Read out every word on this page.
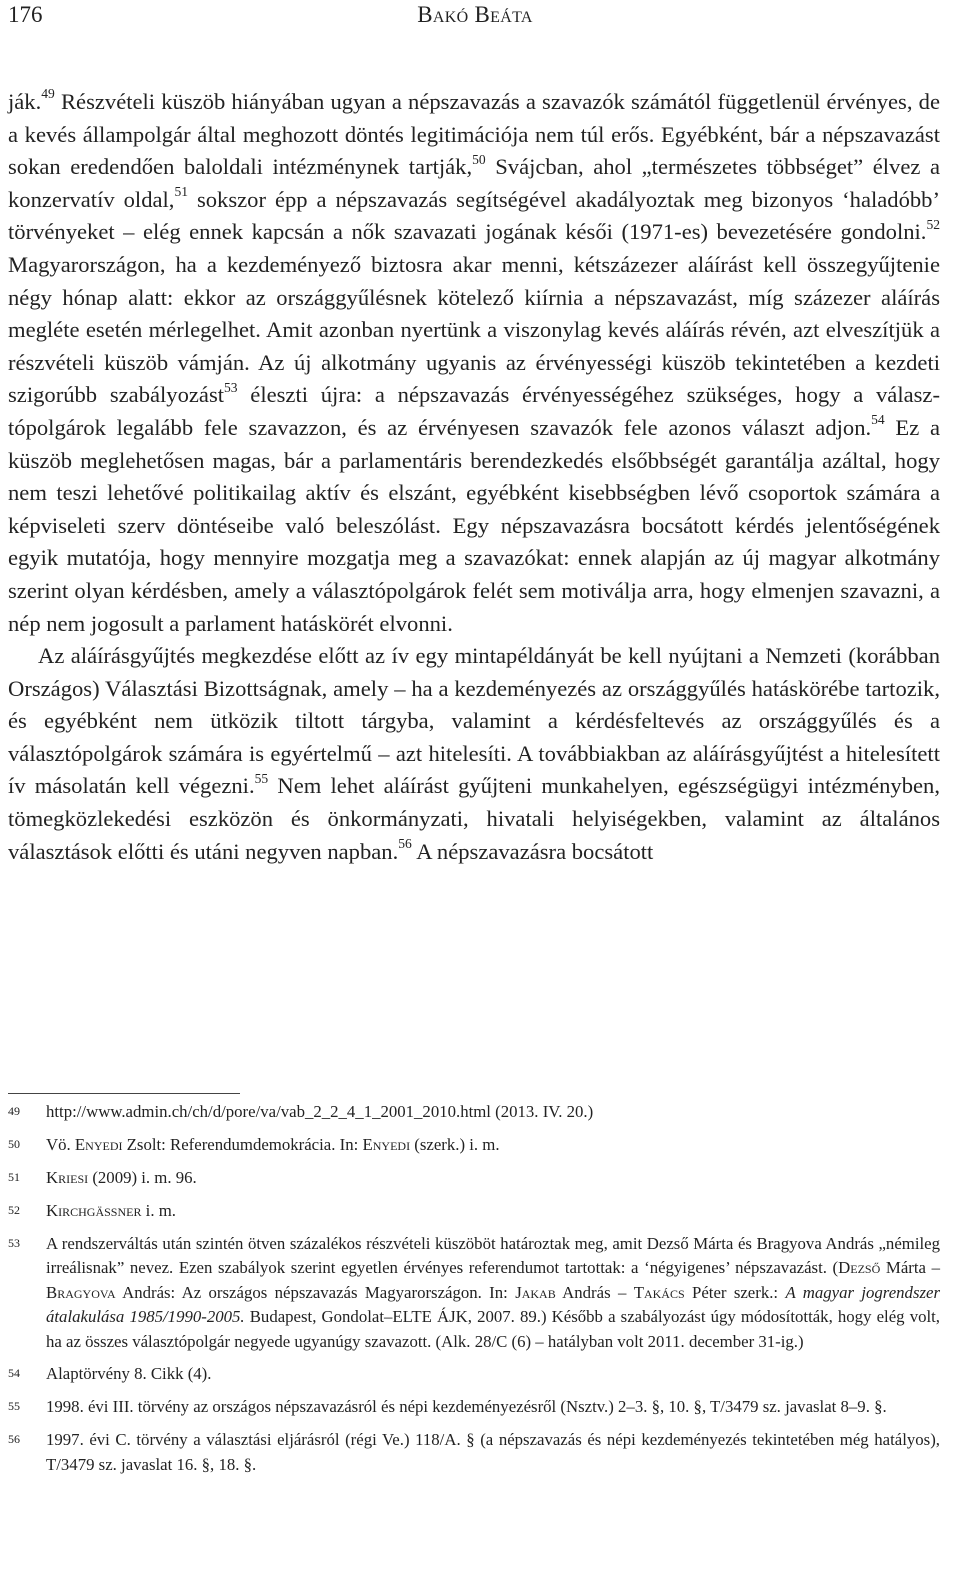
176	Bakó Beáta

ják.$^{49}$ Részvételi küszöb hiányában ugyan a népszavazás a szavazók számától függetlenül érvényes, de a kevés állampolgár által meghozott döntés legitimációja nem túl erős. Egyébként, bár a népszavazást sokan eredendően baloldali intézménynek tartják,$^{50}$ Svájcban, ahol „természetes többséget” élvez a konzervatív oldal,$^{51}$ sokszor épp a népszavazás segítségével akadályoztak meg bizonyos ‘haladóbb’ törvényeket – elég ennek kapcsán a nők szavazati jogának késői (1971-es) bevezetésére gondolni.$^{52}$ Magyarországon, ha a kezdeményező biztosra akar menni, kétszázezer aláírást kell összegyűjtenie négy hónap alatt: ekkor az országgyűlésnek kötelező kiírnia a népszavazást, míg százezer aláírás megléte esetén mérlegelhet. Amit azonban nyertünk a viszonylag kevés aláírás révén, azt elveszítjük a részvételi küszöb vámján. Az új alkotmány ugyanis az érvényességi küszöb tekintetében a kezdeti szigorúbb szabályozást$^{53}$ éleszti újra: a népszavazás érvényességéhez szükséges, hogy a választópolgárok legalább fele szavazzon, és az érvényesen szavazók fele azonos választ adjon.$^{54}$ Ez a küszöb meglehetősen magas, bár a parlamentáris berendezkedés elsőbbségét garantálja azáltal, hogy nem teszi lehetővé politikailag aktív és elszánt, egyébként kisebbségben lévő csoportok számára a képviseleti szerv döntéseibe való beleszólást. Egy népszavazásra bocsátott kérdés jelentőségének egyik mutatója, hogy mennyire mozgatja meg a szavazókat: ennek alapján az új magyar alkotmány szerint olyan kérdésben, amely a választópolgárok felét sem motiválja arra, hogy elmenjen szavazni, a nép nem jogosult a parlament hatáskörét elvonni.

Az aláírásgyűjtés megkezdése előtt az ív egy mintapéldányát be kell nyújtani a Nemzeti (korábban Országos) Választási Bizottságnak, amely – ha a kezdeményezés az országgyűlés hatáskörébe tartozik, és egyébként nem ütközik tiltott tárgyba, valamint a kérdésfeltevés az országgyűlés és a választópolgárok számára is egyértelmű – azt hitelesíti. A továbbiakban az aláírásgyűjtést a hitelesített ív másolatán kell végezni.$^{55}$ Nem lehet aláírást gyűjteni munkahelyen, egészségügyi intézményben, tömegközlekedési eszközön és önkormányzati, hivatali helyiségekben, valamint az általános választások előtti és utáni negyven napban.$^{56}$ A népszavazásra bocsátott

49	http://www.admin.ch/ch/d/pore/va/vab_2_2_4_1_2001_2010.html (2013. IV. 20.)
50	Vö. Enyedi Zsolt: Referendumdemokrácia. In: Enyedi (szerk.) i. m.
51	Kriesi (2009) i. m. 96.
52	Kirchgässner i. m.
53	A rendszerváltás után szintén ötven százalékos részvételi küszöböt határoztak meg, amit Dezső Márta és Bragyova András „némileg irreálisnak” nevez. Ezen szabályok szerint egyetlen érvényes referendumot tartottak: a ‘négyigenes’ népszavazást. (Dezső Márta – Bragyova András: Az országos népszavazás Magyarországon. In: Jakab András – Takács Péter szerk.: A magyar jogrendszer átalakulása 1985/1990-2005. Budapest, Gondolat–ELTE ÁJK, 2007. 89.) Később a szabályozást úgy módosították, hogy elég volt, ha az összes választópolgár negyede ugyanúgy szavazott. (Alk. 28/C (6) – hatályban volt 2011. december 31-ig.)
54	Alaptörvény 8. Cikk (4).
55	1998. évi III. törvény az országos népszavazásról és népi kezdeményezésről (Nsztv.) 2–3. §, 10. §, T/3479 sz. javaslat 8–9. §.
56	1997. évi C. törvény a választási eljárásról (régi Ve.) 118/A. § (a népszavazás és népi kezdeményezés tekintetében még hatályos), T/3479 sz. javaslat 16. §, 18. §.
